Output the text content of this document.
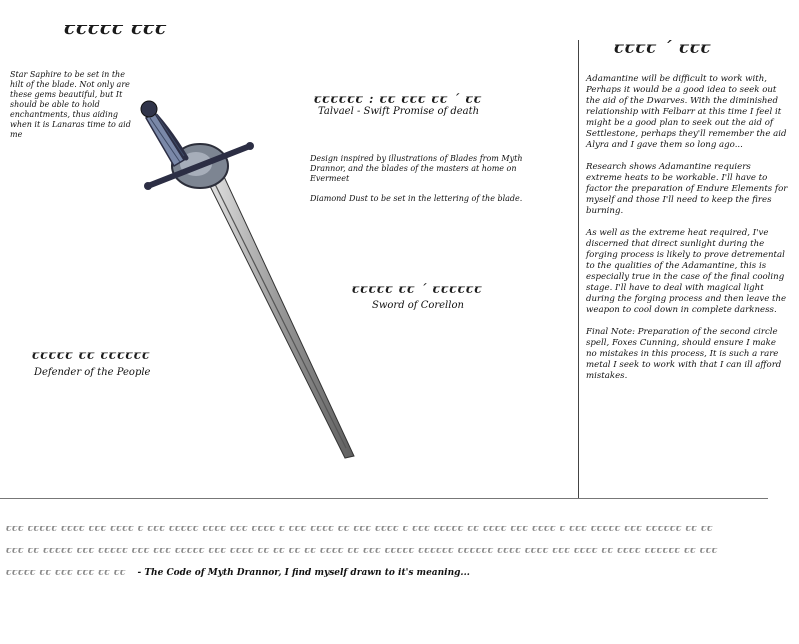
ꞇꞇꞇꞇꞇ ꞇꞇꞇ
Star Saphire to be set in the hilt of the blade. Not only are these gems beautiful, but It should be able to hold enchantments, thus aiding when it is Lanaras time to aid me
ꞇꞇꞇꞇꞇꞇ : ꞇꞇ ꞇꞇꞇ ꞇꞇ ˊ ꞇꞇ
Talvael - Swift Promise of death
Design inspired by illustrations of Blades from Myth Drannor, and the blades of the masters at home on Evermeet
Diamond Dust to be set in the lettering of the blade.
ꞇꞇꞇꞇꞇ ꞇꞇ ˊ ꞇꞇꞇꞇꞇꞇ
Sword of Corellon
ꞇꞇꞇꞇꞇ ꞇꞇ ꞇꞇꞇꞇꞇꞇ
Defender of the People
ꞇꞇꞇꞇ ˊ ꞇꞇꞇ

Adamantine will be difficult to work with, Perhaps it would be a good idea to seek out the aid of the Dwarves. With the diminished relationship with Felbarr at this time I feel it might be a good plan to seek out the aid of Settlestone, perhaps they'll remember the aid Alyra and I gave them so long ago...

Research shows Adamantine requiers extreme heats to be workable. I'll have to factor the preparation of Endure Elements for myself and those I'll need to keep the fires burning.

As well as the extreme heat required, I've discerned that direct sunlight during the forging process is likely to prove detremental to the qualities of the Adamantine, this is especially true in the case of the final cooling stage. I'll have to deal with magical light during the forging process and then leave the weapon to cool down in complete darkness.

Final Note: Preparation of the second circle spell, Foxes Cunning, should ensure I make no mistakes in this process, It is such a rare metal I seek to work with that I can ill afford mistakes.

ꞇꞇꞇ ꞇꞇꞇꞇꞇ ꞇꞇꞇꞇ ꞇꞇꞇ ꞇꞇꞇꞇ ꞇ ꞇꞇꞇ ꞇꞇꞇꞇꞇ ꞇꞇꞇꞇ ꞇꞇꞇ ꞇꞇꞇꞇ ꞇ ꞇꞇꞇ ꞇꞇꞇꞇ ꞇꞇ ꞇꞇꞇ ꞇꞇꞇꞇ ꞇ ꞇꞇꞇ ꞇꞇꞇꞇꞇ ꞇꞇ ꞇꞇꞇꞇ ꞇꞇꞇ ꞇꞇꞇꞇ ꞇ ꞇꞇꞇ ꞇꞇꞇꞇꞇ ꞇꞇꞇ ꞇꞇꞇꞇꞇꞇ ꞇꞇ ꞇꞇ
ꞇꞇꞇ ꞇꞇ ꞇꞇꞇꞇꞇ ꞇꞇꞇ ꞇꞇꞇꞇꞇ ꞇꞇꞇ ꞇꞇꞇ ꞇꞇꞇꞇꞇ ꞇꞇꞇ ꞇꞇꞇꞇ ꞇꞇ ꞇꞇ ꞇꞇ ꞇꞇ ꞇꞇꞇꞇ ꞇꞇ ꞇꞇꞇ ꞇꞇꞇꞇꞇ ꞇꞇꞇꞇꞇꞇ ꞇꞇꞇꞇꞇꞇ ꞇꞇꞇꞇ ꞇꞇꞇꞇ ꞇꞇꞇ ꞇꞇꞇꞇ ꞇꞇ ꞇꞇꞇꞇ ꞇꞇꞇꞇꞇꞇ ꞇꞇ ꞇꞇꞇ
ꞇꞇꞇꞇꞇ ꞇꞇ ꞇꞇꞇ ꞇꞇꞇ ꞇꞇ ꞇꞇ - The Code of Myth Drannor, I find myself drawn to it's meaning...
